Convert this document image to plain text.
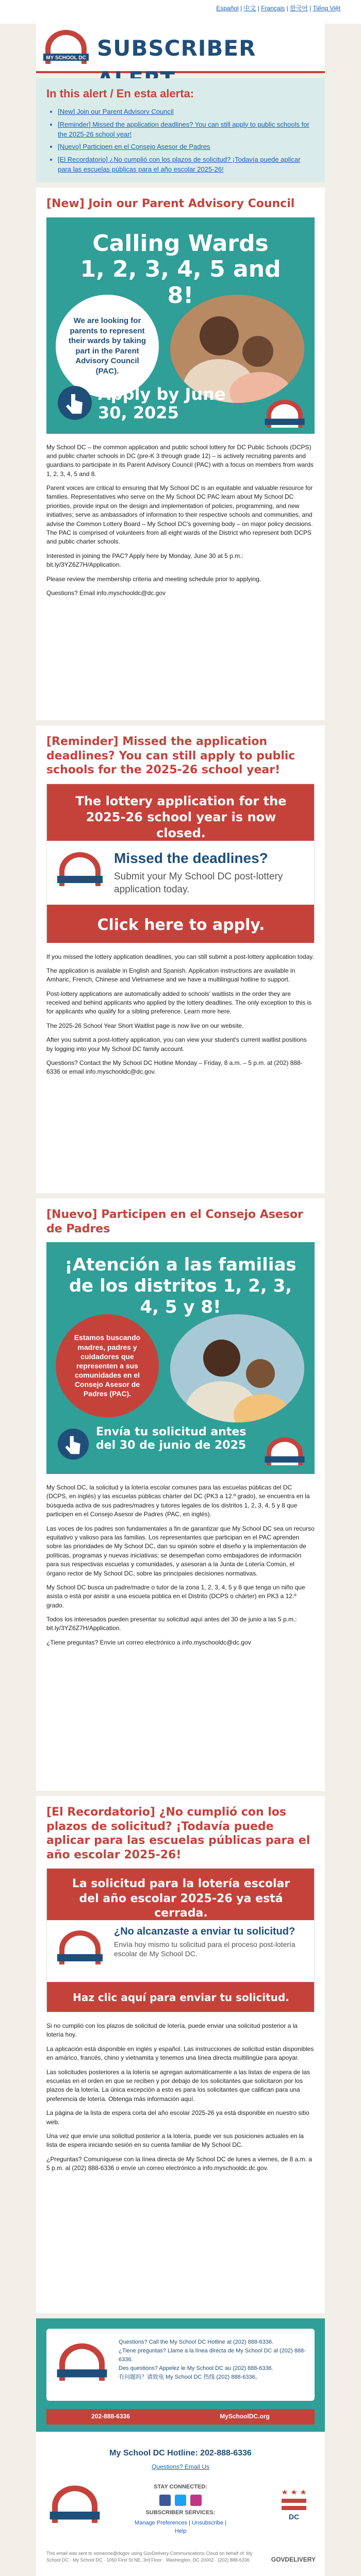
Español | 中文 | Français | 한국어 | Tiếng Việt
MY SCHOOL DC SUBSCRIBER
In this alert / En esta alerta:
• [New] Join our Parent Advisory Council
• [Reminder] Missed the application deadlines? You can still apply to public schools for the 2025-26 school year!
• [Nuevo] Participen en el Consejo Asesor de Padres
• [El Recordatorio] ¿No cumplió con los plazos de solicitud? ¡Todavía puede aplicar para las escuelas públicas para el año escolar 2025-26!
[New] Join our Parent Advisory Council
Calling Wards 1, 2, 3, 4, 5 and 8!
We are looking for parents to represent their wards by taking part in the Parent Advisory Council (PAC).
Apply by June 30, 2025

My School DC – the common application and public school lottery for DC Public Schools (DCPS) and public charter schools in DC (pre-K 3 through grade 12) – is actively recruiting parents and guardians to participate in its Parent Advisory Council (PAC) with a focus on members from wards 1, 2, 3, 4, 5 and 8.

Parent voices are critical to ensuring that My School DC is an equitable and valuable resource for families. Representatives who serve on the My School DC PAC learn about My School DC priorities, provide input on the design and implementation of policies, programming, and new initiatives; serve as ambassadors of information to their respective schools and communities, and advise the Common Lottery Board – My School DC's governing body – on major policy decisions. The PAC is comprised of volunteers from all eight wards of the District who represent both DCPS and public charter schools.

Interested in joining the PAC? Apply here by Monday, June 30 at 5 p.m.: bit.ly/3YZ6Z7H/Application.

Please review the membership criteria and meeting schedule prior to applying.

Questions? Email info.myschooldc@dc.gov

[Reminder] Missed the application deadlines? You can still apply to public schools for the 2025-26 school year!
The lottery application for the 2025-26 school year is now closed.
Missed the deadlines?
Submit your My School DC post-lottery application today.
Click here to apply.

If you missed the lottery application deadlines, you can still submit a post-lottery application today.

The application is available in English and Spanish. Application instructions are available in Amharic, French, Chinese and Vietnamese and we have a multilingual hotline to support.

Post-lottery applications are automatically added to schools' waitlists in the order they are received and behind applicants who applied by the lottery deadlines. The only exception to this is for applicants who qualify for a sibling preference. Learn more here.

The 2025-26 School Year Short Waitlist page is now live on our website.

After you submit a post-lottery application, you can view your student's current waitlist positions by logging into your My School DC family account.

Questions? Contact the My School DC Hotline Monday – Friday, 8 a.m. – 5 p.m. at (202) 888-6336 or email info.myschooldc@dc.gov.

[Nuevo] Participen en el Consejo Asesor de Padres
¡Atención a las familias de los distritos 1, 2, 3, 4, 5 y 8!
Estamos buscando madres, padres y cuidadores que representen a sus comunidades en el Consejo Asesor de Padres (PAC).
Envía tu solicitud antes del 30 de junio de 2025

My School DC, la solicitud y la lotería escolar comunes para las escuelas públicas del DC (DCPS, en inglés) y las escuelas públicas chárter del DC (PK3 a 12.º grado), se encuentra en la búsqueda activa de sus padres/madres y tutores legales de los distritos 1, 2, 3, 4, 5 y 8 que participen en el Consejo Asesor de Padres (PAC, en inglés).

Las voces de los padres son fundamentales a fin de garantizar que My School DC sea un recurso equitativo y valioso para las familias. Los representantes que participan en el PAC aprenden sobre las prioridades de My School DC, dan su opinión sobre el diseño y la implementación de políticas, programas y nuevas iniciativas; se desempeñan como embajadores de información para sus respectivas escuelas y comunidades, y asesoran a la Junta de Lotería Común, el órgano rector de My School DC, sobre las principales decisiones normativas.

My School DC busca un padre/madre o tutor de la zona 1, 2, 3, 4, 5 y 8 que tenga un niño que asista o está por asistir a una escuela pública en el Distrito (DCPS o chárter) en PK3 a 12.º grado.

Todos los interesados pueden presentar su solicitud aquí antes del 30 de junio a las 5 p.m.: bit.ly/3YZ6Z7H/Application.

¿Tiene preguntas? Envíe un correo electrónico a info.myschooldc@dc.gov

[El Recordatorio] ¿No cumplió con los plazos de solicitud? ¡Todavía puede aplicar para las escuelas públicas para el año escolar 2025-26!
La solicitud para la lotería escolar del año escolar 2025-26 ya está cerrada.
¿No alcanzaste a enviar tu solicitud?
Envía hoy mismo tu solicitud para el proceso post-lotería escolar de My School DC.
Haz clic aquí para enviar tu solicitud.

Si no cumplió con los plazos de solicitud de lotería, puede enviar una solicitud posterior a la lotería hoy.

La aplicación está disponible en inglés y español. Las instrucciones de solicitud están disponibles en amárico, francés, chino y vietnamita y tenemos una línea directa multilingüe para apoyar.

Las solicitudes posteriores a la lotería se agregan automáticamente a las listas de espera de las escuelas en el orden en que se reciben y por debajo de los solicitantes que solicitaron por los plazos de la lotería. La única excepción a esto es para los solicitantes que califican para una preferencia de lotería. Obtenga más información aquí.

La página de la lista de espera corta del año escolar 2025-26 ya está disponible en nuestro sitio web.

Una vez que envíe una solicitud posterior a la lotería, puede ver sus posiciones actuales en la lista de espera iniciando sesión en su cuenta familiar de My School DC.

¿Preguntas? Comuníquese con la línea directa de My School DC de lunes a viernes, de 8 a.m. a 5 p.m. al (202) 888-6336 o envíe un correo electrónico a info.myschooldc.dc.gov.

Questions? Call the My School DC Hotline at (202) 888-6336.
¿Tiene preguntas? Llame a la línea directa de My School DC al (202) 888-6336.
Des questions? Appelez le My School DC au (202) 888-6336.
有问题吗？请致电 My School DC 热线 (202) 888-6336。
202-888-6336	MySchoolDC.org
My School DC Hotline: 202-888-6336
Questions? Email Us
STAY CONNECTED:
SUBSCRIBER SERVICES:
Manage Preferences | Unsubscribe | Help
DC
This email was sent to someone@dcgov using GovDelivery Communications Cloud on behalf of: My School DC · My School DC · 1050 First St NE, 3rd Floor · Washington, DC 20002 · (202) 888-6336	GOVDELIVERY
